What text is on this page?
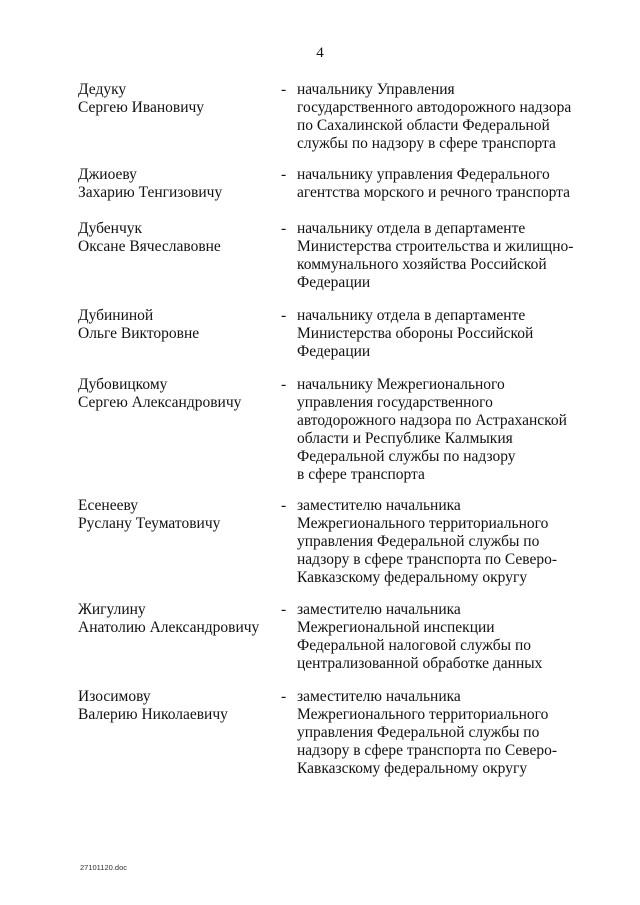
4
Дедуку
Сергею Ивановичу
- начальнику Управления
государственного автодорожного надзора
по Сахалинской области Федеральной
службы по надзору в сфере транспорта
Джиоеву
Захарию Тенгизовичу
- начальнику управления Федерального
агентства морского и речного транспорта
Дубенчук
Оксане Вячеславовне
- начальнику отдела в департаменте
Министерства строительства и жилищно-
коммунального хозяйства Российской
Федерации
Дубининой
Ольге Викторовне
- начальнику отдела в департаменте
Министерства обороны Российской
Федерации
Дубовицкому
Сергею Александровичу
- начальнику Межрегионального
управления государственного
автодорожного надзора по Астраханской
области и Республике Калмыкия
Федеральной службы по надзору
в сфере транспорта
Есенееву
Руслану Теуматовичу
- заместителю начальника
Межрегионального территориального
управления Федеральной службы по
надзору в сфере транспорта по Северо-
Кавказскому федеральному округу
Жигулину
Анатолию Александровичу
- заместителю начальника
Межрегиональной инспекции
Федеральной налоговой службы по
централизованной обработке данных
Изосимову
Валерию Николаевичу
- заместителю начальника
Межрегионального территориального
управления Федеральной службы по
надзору в сфере транспорта по Северо-
Кавказскому федеральному округу
27101120.doc
